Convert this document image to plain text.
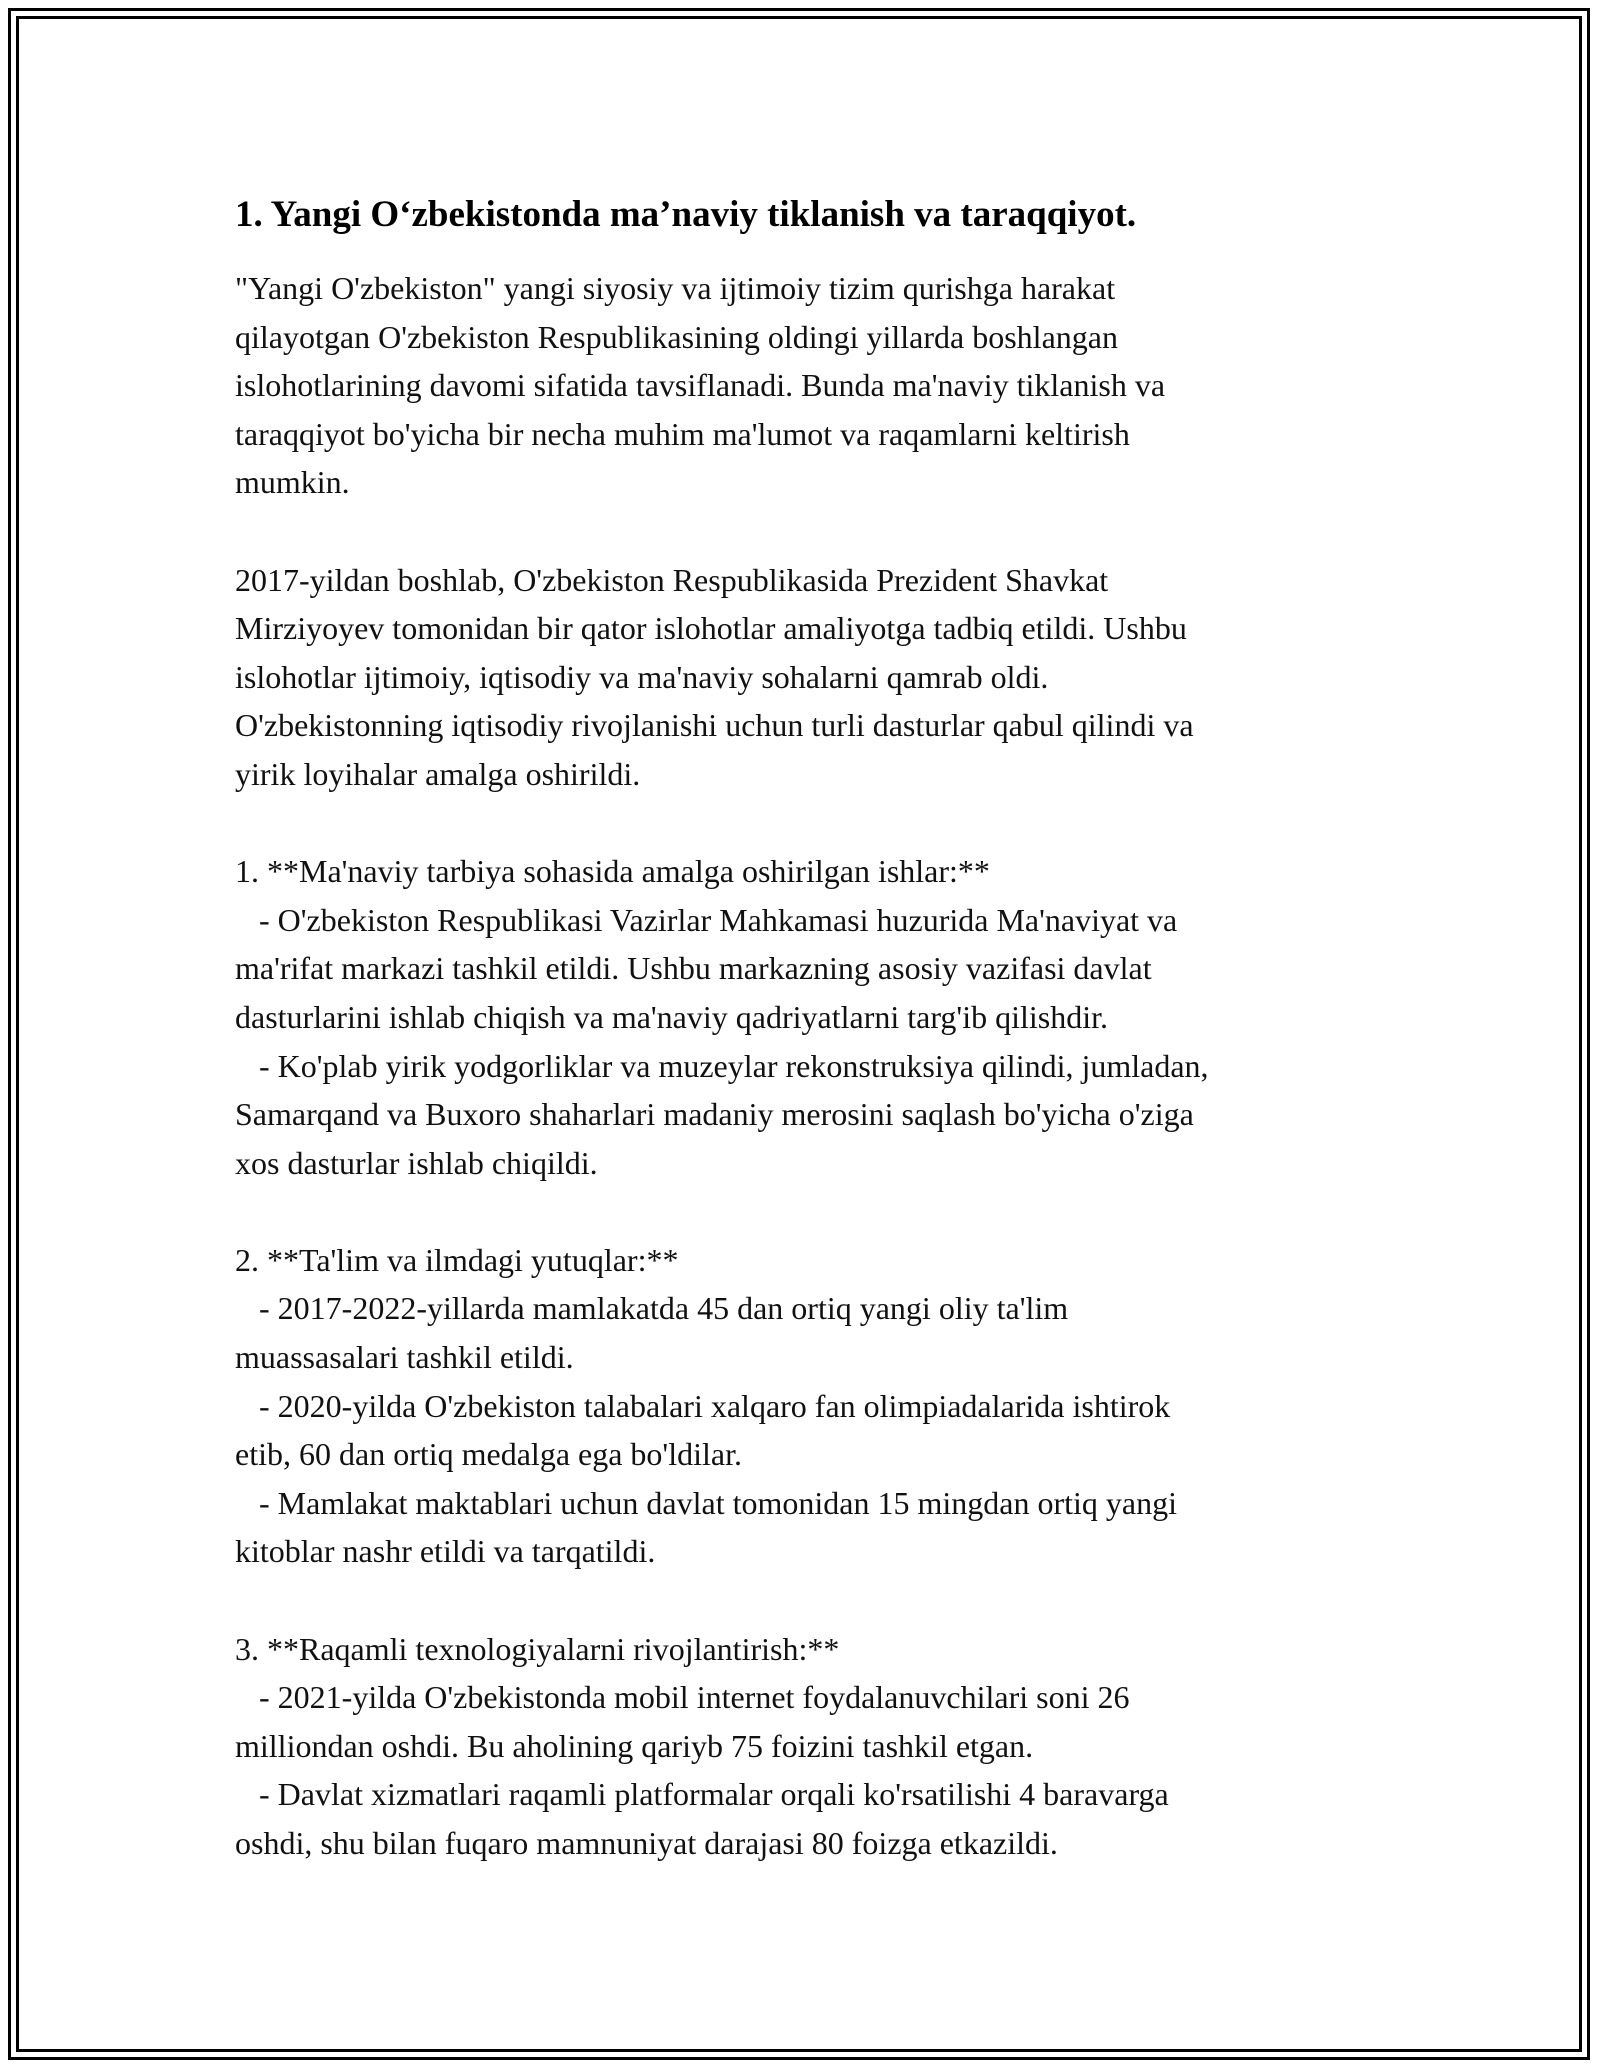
1. Yangi O‘zbekistonda ma’naviy tiklanish va taraqqiyot.

"Yangi O'zbekiston" yangi siyosiy va ijtimoiy tizim qurishga harakat
qilayotgan O'zbekiston Respublikasining oldingi yillarda boshlangan
islohotlarining davomi sifatida tavsiflanadi. Bunda ma'naviy tiklanish va
taraqqiyot bo'yicha bir necha muhim ma'lumot va raqamlarni keltirish
mumkin.

2017-yildan boshlab, O'zbekiston Respublikasida Prezident Shavkat
Mirziyoyev tomonidan bir qator islohotlar amaliyotga tadbiq etildi. Ushbu
islohotlar ijtimoiy, iqtisodiy va ma'naviy sohalarni qamrab oldi.
O'zbekistonning iqtisodiy rivojlanishi uchun turli dasturlar qabul qilindi va
yirik loyihalar amalga oshirildi.

1. **Ma'naviy tarbiya sohasida amalga oshirilgan ishlar:**
- O'zbekiston Respublikasi Vazirlar Mahkamasi huzurida Ma'naviyat va
ma'rifat markazi tashkil etildi. Ushbu markazning asosiy vazifasi davlat
dasturlarini ishlab chiqish va ma'naviy qadriyatlarni targ'ib qilishdir.
- Ko'plab yirik yodgorliklar va muzeylar rekonstruksiya qilindi, jumladan,
Samarqand va Buxoro shaharlari madaniy merosini saqlash bo'yicha o'ziga
xos dasturlar ishlab chiqildi.

2. **Ta'lim va ilmdagi yutuqlar:**
- 2017-2022-yillarda mamlakatda 45 dan ortiq yangi oliy ta'lim
muassasalari tashkil etildi.
- 2020-yilda O'zbekiston talabalari xalqaro fan olimpiadalarida ishtirok
etib, 60 dan ortiq medalga ega bo'ldilar.
- Mamlakat maktablari uchun davlat tomonidan 15 mingdan ortiq yangi
kitoblar nashr etildi va tarqatildi.

3. **Raqamli texnologiyalarni rivojlantirish:**
- 2021-yilda O'zbekistonda mobil internet foydalanuvchilari soni 26
milliondan oshdi. Bu aholining qariyb 75 foizini tashkil etgan.
- Davlat xizmatlari raqamli platformalar orqali ko'rsatilishi 4 baravarga
oshdi, shu bilan fuqaro mamnuniyat darajasi 80 foizga etkazildi.
